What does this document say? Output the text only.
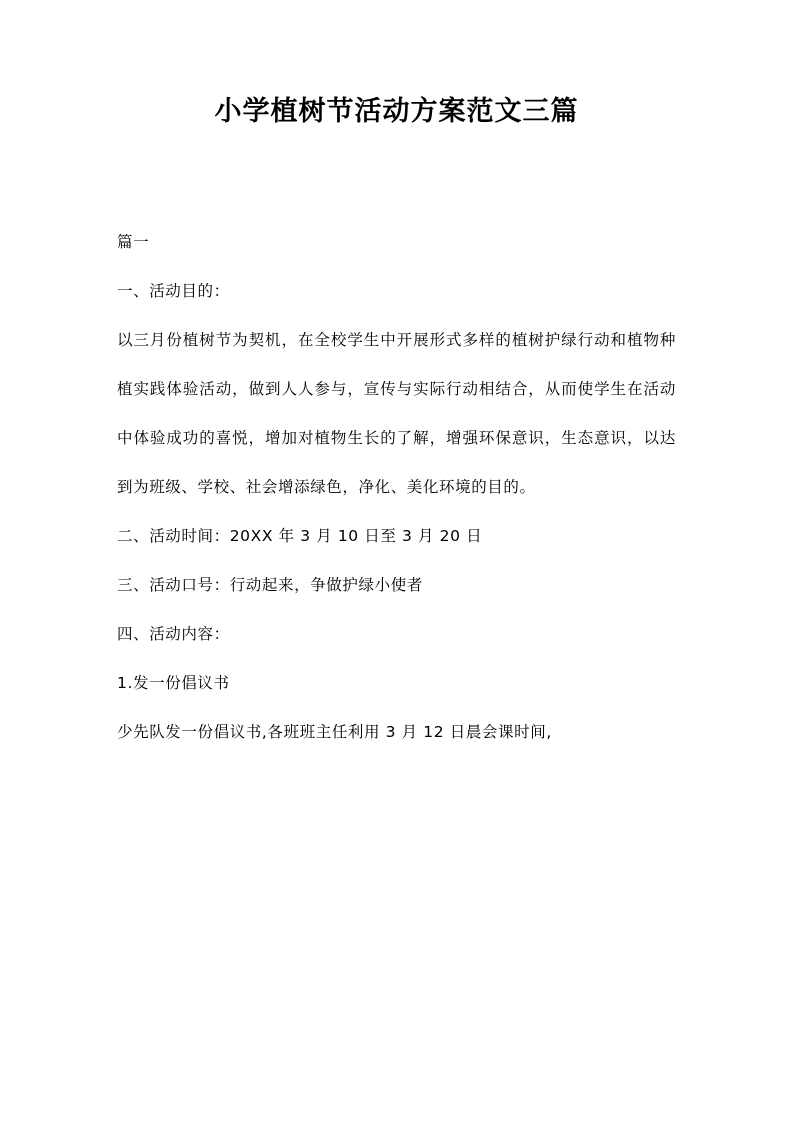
小学植树节活动方案范文三篇

篇一

一、活动目的：

以三月份植树节为契机，在全校学生中开展形式多样的植树护绿行动和植物种植实践体验活动，做到人人参与，宣传与实际行动相结合，从而使学生在活动中体验成功的喜悦，增加对植物生长的了解，增强环保意识，生态意识，以达到为班级、学校、社会增添绿色，净化、美化环境的目的。

二、活动时间：20XX 年 3 月 10 日至 3 月 20 日

三、活动口号：行动起来，争做护绿小使者

四、活动内容：

1.发一份倡议书

少先队发一份倡议书,各班班主任利用 3 月 12 日晨会课时间,
